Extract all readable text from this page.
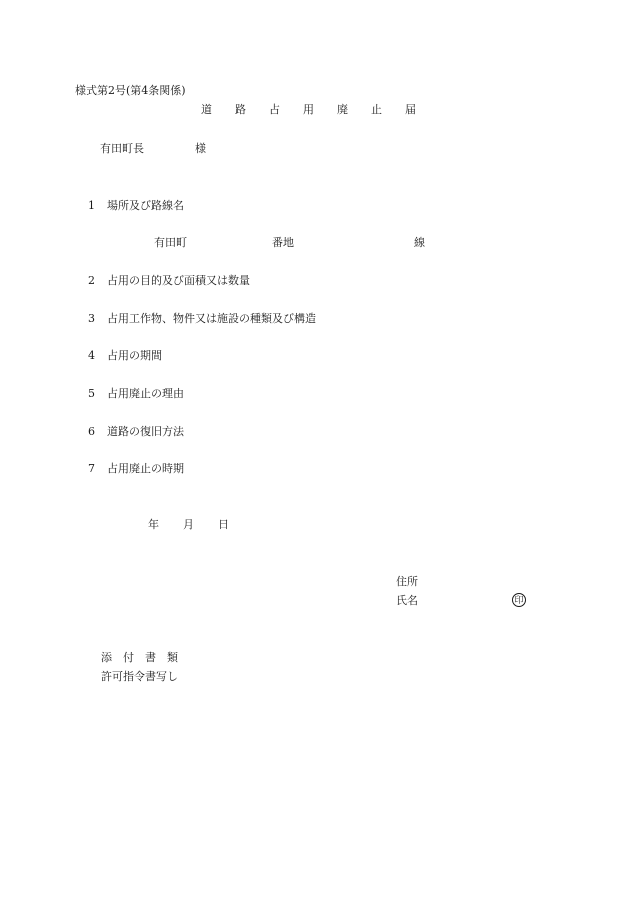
様式第2号(第4条関係)
道 路 占 用 廃 止 届
有田町長	様
1 場所及び路線名
有田町	番地	線
2 占用の目的及び面積又は数量
3 占用工作物、物件又は施設の種類及び構造
4 占用の期間
5 占用廃止の理由
6 道路の復旧方法
7 占用廃止の時期
年 月 日
住所
氏名	印
添 付 書 類
許可指令書写し
